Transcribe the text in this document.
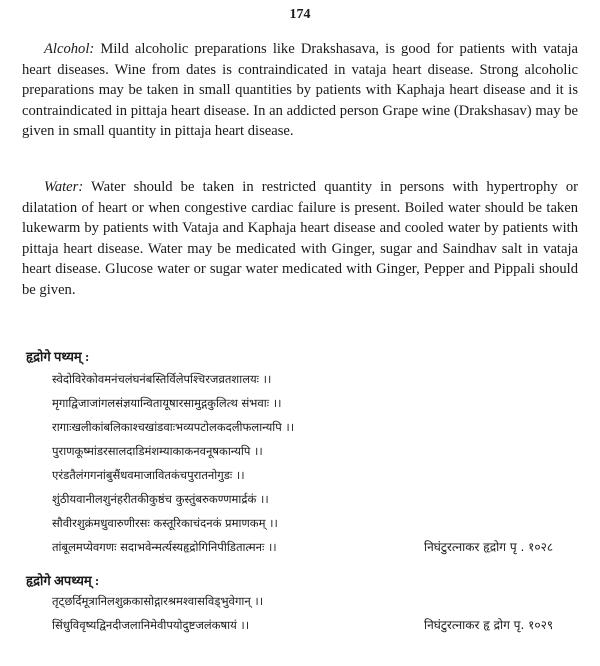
174

Alcohol: Mild alcoholic preparations like Drakshasava, is good for patients with vataja heart diseases. Wine from dates is contraindicated in vataja heart disease. Strong alcoholic preparations may be taken in small quantities by patients with Kaphaja heart disease and it is contraindicated in pittaja heart disease. In an addicted person Grape wine (Drakshasav) may be given in small quantity in pittaja heart disease.

Water: Water should be taken in restricted quantity in persons with hypertrophy or dilatation of heart or when congestive cardiac failure is present. Boiled water should be taken lukewarm by patients with Vataja and Kaphaja heart disease and cooled water by patients with pittaja heart disease. Water may be medicated with Ginger, sugar and Saindhav salt in vataja heart disease. Glucose water or sugar water medicated with Ginger, Pepper and Pippali should be given.

हृद्रोगे पथ्यम् :
स्वेदोविरेकोवमनंचलंघनंबस्तिर्विलेपश्चिरजव्रतशालयः ।।
मृगाद्विजाजांगलसंज्ञयान्वितायूषारसामुद्गकुलित्थ संभवाः ।।
रागाःखलीकांबलिकाश्चखांडवाःभव्यपटोलकदलीफलान्यपि ।।
पुराणकूष्मांडरसालदाडिमंशम्याकाकनवनूषकान्यपि ।।
एरंडतैलंगगनांबुसैंधवमाजावितकंचपुरातनोगुडः ।।
शुंठीयवानीलशुनंहरीतकीकुष्ठंच कुस्तुंबरुकण्णमार्द्रकं ।।
सौवीरशुक्रंमधुवारुणीरसः कस्तूरिकाचंदनकं प्रमाणकम् ।।
तांबूलमप्येवगणः सदाभवेन्मर्त्यस्यहृद्रोगिनिपीडितात्मनः ।।	निघंटुरत्नाकर हृद्रोग पृ . १०२८
हृद्रोगे अपथ्यम् :
तृट्छर्दिमूत्रानिलशुक्रकासोद्गारश्रमश्वासविड्भुवेगान् ।।
सिंधुविवृष्यद्विनदीजलानिमेवीपयोदुष्टजलंकषायं ।।	निघंटुरत्नाकर हृ द्रोग पृ. १०२९
